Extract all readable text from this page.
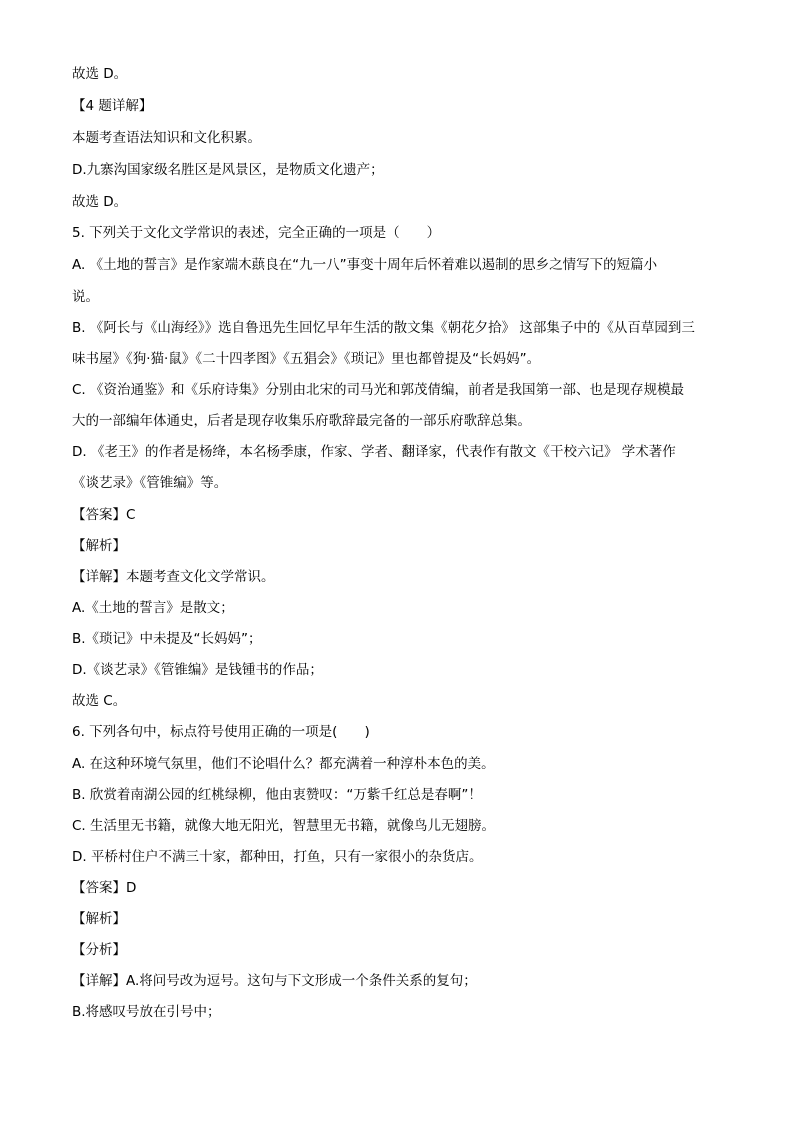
故选 D。
【4 题详解】
本题考查语法知识和文化积累。
D.九寨沟国家级名胜区是风景区，是物质文化遗产；
故选 D。
5. 下列关于文化文学常识的表述，完全正确的一项是（　　）
A. 《土地的誓言》是作家端木蕻良在“九一八”事变十周年后怀着难以遏制的思乡之情写下的短篇小
说。
B. 《阿长与《山海经》》选自鲁迅先生回忆早年生活的散文集《朝花夕拾》 这部集子中的《从百草园到三
味书屋》《狗·猫·鼠》《二十四孝图》《五猖会》《琐记》里也都曾提及“长妈妈”。
C. 《资治通鉴》和《乐府诗集》分别由北宋的司马光和郭茂倩编，前者是我国第一部、也是现存规模最
大的一部编年体通史，后者是现存收集乐府歌辞最完备的一部乐府歌辞总集。
D. 《老王》的作者是杨绛，本名杨季康，作家、学者、翻译家，代表作有散文《干校六记》 学术著作
《谈艺录》《管锥编》等。
【答案】C
【解析】
【详解】本题考查文化文学常识。
A.《土地的誓言》是散文；
B.《琐记》中未提及“长妈妈”；
D.《谈艺录》《管锥编》是钱锺书的作品；
故选 C。
6. 下列各句中，标点符号使用正确的一项是(　　)
A. 在这种环境气氛里，他们不论唱什么？都充满着一种淳朴本色的美。
B. 欣赏着南湖公园的红桃绿柳，他由衷赞叹：“万紫千红总是春啊”！
C. 生活里无书籍，就像大地无阳光，智慧里无书籍，就像鸟儿无翅膀。
D. 平桥村住户不满三十家，都种田，打鱼，只有一家很小的杂货店。
【答案】D
【解析】
【分析】
【详解】A.将问号改为逗号。这句与下文形成一个条件关系的复句；
B.将感叹号放在引号中；
